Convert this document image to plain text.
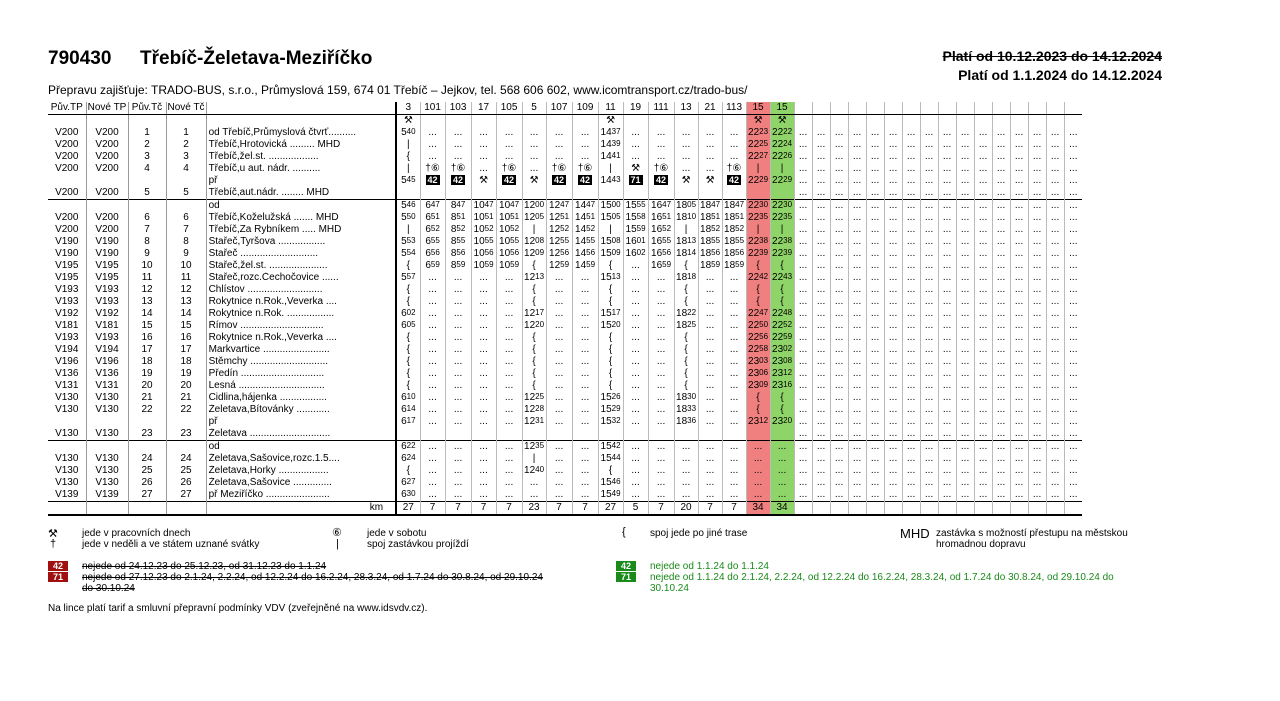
790430 Třebíč-Želetava-Meziříčko	Platí od 10.12.2023 do 14.12.2024
Platí od 1.1.2024 do 14.12.2024
Přepravu zajišťuje: TRADO-BUS, s.r.o., Průmyslová 159, 674 01 Třebíč – Jejkov, tel. 568 606 602, www.icomtransport.cz/trado-bus/
Pův.TP	Nové TP	Pův.Tč	Nové Tč			3	101	103	17	105	5	107	109	11	19	111	13	21	113	15	15																
						⚒								⚒						⚒	⚒																
V200	V200	1	1	od Třebíč,Průmyslová čtvrť..........		$5^{40}$	...	...	...	...	...	...	...	$14^{37}$	...	...	...	...	...	$22^{23}$	$22^{22}$	...	...	...	...	...	...	...	...	...	...	...	...	...	...	...	...
V200	V200	2	2	Třebíč,Hrotovická ......... MHD		|	...	...	...	...	...	...	...	$14^{39}$	...	...	...	...	...	$22^{25}$	$22^{24}$	...	...	...	...	...	...	...	...	...	...	...	...	...	...	...	...
V200	V200	3	3	Třebíč,žel.st. ..................		{	...	...	...	...	...	...	...	$14^{41}$	...	...	...	...	...	$22^{27}$	$22^{26}$	...	...	...	...	...	...	...	...	...	...	...	...	...	...	...	...
V200	V200	4	4	Třebíč,u aut. nádr. ..........		|	†⑥	†⑥	...	†⑥	...	†⑥	†⑥	|	⚒	†⑥	...	...	†⑥	|	|	...	...	...	...	...	...	...	...	...	...	...	...	...	...	...	...
				př		$5^{45}$	42	42	⚒	42	⚒	42	42	$14^{43}$	71	42	⚒	⚒	42	$22^{29}$	$22^{29}$	...	...	...	...	...	...	...	...	...	...	...	...	...	...	...	...
V200	V200	5	5	Třebíč,aut.nádr. ........ MHD																		...	...	...	...	...	...	...	...	...	...	...	...	...	...	...	...
				od		$5^{46}$	$6^{47}$	$8^{47}$	$10^{47}$	$10^{47}$	$12^{00}$	$12^{47}$	$14^{47}$	$15^{00}$	$15^{55}$	$16^{47}$	$18^{05}$	$18^{47}$	$18^{47}$	$22^{30}$	$22^{30}$	...	...	...	...	...	...	...	...	...	...	...	...	...	...	...	...
V200	V200	6	6	Třebíč,Koželužská ....... MHD		$5^{50}$	$6^{51}$	$8^{51}$	$10^{51}$	$10^{51}$	$12^{05}$	$12^{51}$	$14^{51}$	$15^{05}$	$15^{58}$	$16^{51}$	$18^{10}$	$18^{51}$	$18^{51}$	$22^{35}$	$22^{35}$	...	...	...	...	...	...	...	...	...	...	...	...	...	...	...	...
V200	V200	7	7	Třebíč,Za Rybníkem ..... MHD		|	$6^{52}$	$8^{52}$	$10^{52}$	$10^{52}$	|	$12^{52}$	$14^{52}$	|	$15^{59}$	$16^{52}$	|	$18^{52}$	$18^{52}$	|	|	...	...	...	...	...	...	...	...	...	...	...	...	...	...	...	...
V190	V190	8	8	Stařeč,Tyršova .................		$5^{53}$	$6^{55}$	$8^{55}$	$10^{55}$	$10^{55}$	$12^{08}$	$12^{55}$	$14^{55}$	$15^{08}$	$16^{01}$	$16^{55}$	$18^{13}$	$18^{55}$	$18^{55}$	$22^{38}$	$22^{38}$	...	...	...	...	...	...	...	...	...	...	...	...	...	...	...	...
V190	V190	9	9	Stařeč ............................		$5^{54}$	$6^{56}$	$8^{56}$	$10^{56}$	$10^{56}$	$12^{09}$	$12^{56}$	$14^{56}$	$15^{09}$	$16^{02}$	$16^{56}$	$18^{14}$	$18^{56}$	$18^{56}$	$22^{39}$	$22^{39}$	...	...	...	...	...	...	...	...	...	...	...	...	...	...	...	...
V195	V195	10	10	Stařeč,žel.st. .....................		{	$6^{59}$	$8^{59}$	$10^{59}$	$10^{59}$	{	$12^{59}$	$14^{59}$	{	...	$16^{59}$	{	$18^{59}$	$18^{59}$	{	{	...	...	...	...	...	...	...	...	...	...	...	...	...	...	...	...
V195	V195	11	11	Stařeč,rozc.Čechočovice ......		$5^{57}$	...	...	...	...	$12^{13}$	...	...	$15^{13}$	...	...	$18^{18}$	...	...	$22^{42}$	$22^{43}$	...	...	...	...	...	...	...	...	...	...	...	...	...	...	...	...
V193	V193	12	12	Chlístov ...........................		{	...	...	...	...	{	...	...	{	...	...	{	...	...	{	{	...	...	...	...	...	...	...	...	...	...	...	...	...	...	...	...
V193	V193	13	13	Rokytnice n.Rok.,Veverka ....		{	...	...	...	...	{	...	...	{	...	...	{	...	...	{	{	...	...	...	...	...	...	...	...	...	...	...	...	...	...	...	...
V192	V192	14	14	Rokytnice n.Rok. .................		$6^{02}$	...	...	...	...	$12^{17}$	...	...	$15^{17}$	...	...	$18^{22}$	...	...	$22^{47}$	$22^{48}$	...	...	...	...	...	...	...	...	...	...	...	...	...	...	...	...
V181	V181	15	15	Římov ..............................		$6^{05}$	...	...	...	...	$12^{20}$	...	...	$15^{20}$	...	...	$18^{25}$	...	...	$22^{50}$	$22^{52}$	...	...	...	...	...	...	...	...	...	...	...	...	...	...	...	...
V193	V193	16	16	Rokytnice n.Rok.,Veverka ....		{	...	...	...	...	{	...	...	{	...	...	{	...	...	$22^{56}$	$22^{59}$	...	...	...	...	...	...	...	...	...	...	...	...	...	...	...	...
V194	V194	17	17	Markvartice ........................		{	...	...	...	...	{	...	...	{	...	...	{	...	...	$22^{58}$	$23^{02}$	...	...	...	...	...	...	...	...	...	...	...	...	...	...	...	...
V196	V196	18	18	Stěmchy ............................		{	...	...	...	...	{	...	...	{	...	...	{	...	...	$23^{03}$	$23^{08}$	...	...	...	...	...	...	...	...	...	...	...	...	...	...	...	...
V136	V136	19	19	Předín ..............................		{	...	...	...	...	{	...	...	{	...	...	{	...	...	$23^{06}$	$23^{12}$	...	...	...	...	...	...	...	...	...	...	...	...	...	...	...	...
V131	V131	20	20	Lesná ...............................		{	...	...	...	...	{	...	...	{	...	...	{	...	...	$23^{09}$	$23^{16}$	...	...	...	...	...	...	...	...	...	...	...	...	...	...	...	...
V130	V130	21	21	Cidlina,hájenka .................		$6^{10}$	...	...	...	...	$12^{25}$	...	...	$15^{26}$	...	...	$18^{30}$	...	...	{	{	...	...	...	...	...	...	...	...	...	...	...	...	...	...	...	...
V130	V130	22	22	Želetava,Bítovánky ............		$6^{14}$	...	...	...	...	$12^{28}$	...	...	$15^{29}$	...	...	$18^{33}$	...	...	{	{	...	...	...	...	...	...	...	...	...	...	...	...	...	...	...	...
				př		$6^{17}$	...	...	...	...	$12^{31}$	...	...	$15^{32}$	...	...	$18^{36}$	...	...	$23^{12}$	$23^{20}$	...	...	...	...	...	...	...	...	...	...	...	...	...	...	...	...
V130	V130	23	23	Želetava .............................																		...	...	...	...	...	...	...	...	...	...	...	...	...	...	...	...
				od		$6^{22}$	...	...	...	...	$12^{35}$	...	...	$15^{42}$	...	...	...	...	...	...	...	...	...	...	...	...	...	...	...	...	...	...	...	...	...	...	...
V130	V130	24	24	Želetava,Šašovice,rozc.1.5....		$6^{24}$	...	...	...	...	|	...	...	$15^{44}$	...	...	...	...	...	...	...	...	...	...	...	...	...	...	...	...	...	...	...	...	...	...	...
V130	V130	25	25	Želetava,Horky ..................		{	...	...	...	...	$12^{40}$	...	...	{	...	...	...	...	...	...	...	...	...	...	...	...	...	...	...	...	...	...	...	...	...	...	...
V130	V130	26	26	Želetava,Šašovice ..............		$6^{27}$	...	...	...	...	...	...	...	$15^{46}$	...	...	...	...	...	...	...	...	...	...	...	...	...	...	...	...	...	...	...	...	...	...	...
V139	V139	27	27	př Meziříčko .......................		$6^{30}$	...	...	...	...	...	...	...	$15^{49}$	...	...	...	...	...	...	...	...	...	...	...	...	...	...	...	...	...	...	...	...	...	...	...
				km		27	7	7	7	7	23	7	7	27	5	7	20	7	7	34	34																
⚒ jede v pracovních dnech
†	jede v neděli a ve státem uznané svátky
⑥	jede v sobotu
|	spoj zastávkou projíždí
{ spoj jede po jiné trase	MHD zastávka s možností přestupu na městskou
hromadnou dopravu
42
71
nejede od 24.12.23 do 25.12.23, od 31.12.23 do 1.1.24
nejede od 27.12.23 do 2.1.24, 2.2.24, od 12.2.24 do 16.2.24, 28.3.24, od 1.7.24 do 30.8.24, od 29.10.24
do 30.10.24
42
71
nejede od 1.1.24 do 1.1.24
nejede od 1.1.24 do 2.1.24, 2.2.24, od 12.2.24 do 16.2.24, 28.3.24, od 1.7.24 do 30.8.24, od 29.10.24 do
30.10.24
Na lince platí tarif a smluvní přepravní podmínky VDV (zveřejněné na www.idsvdv.cz).
